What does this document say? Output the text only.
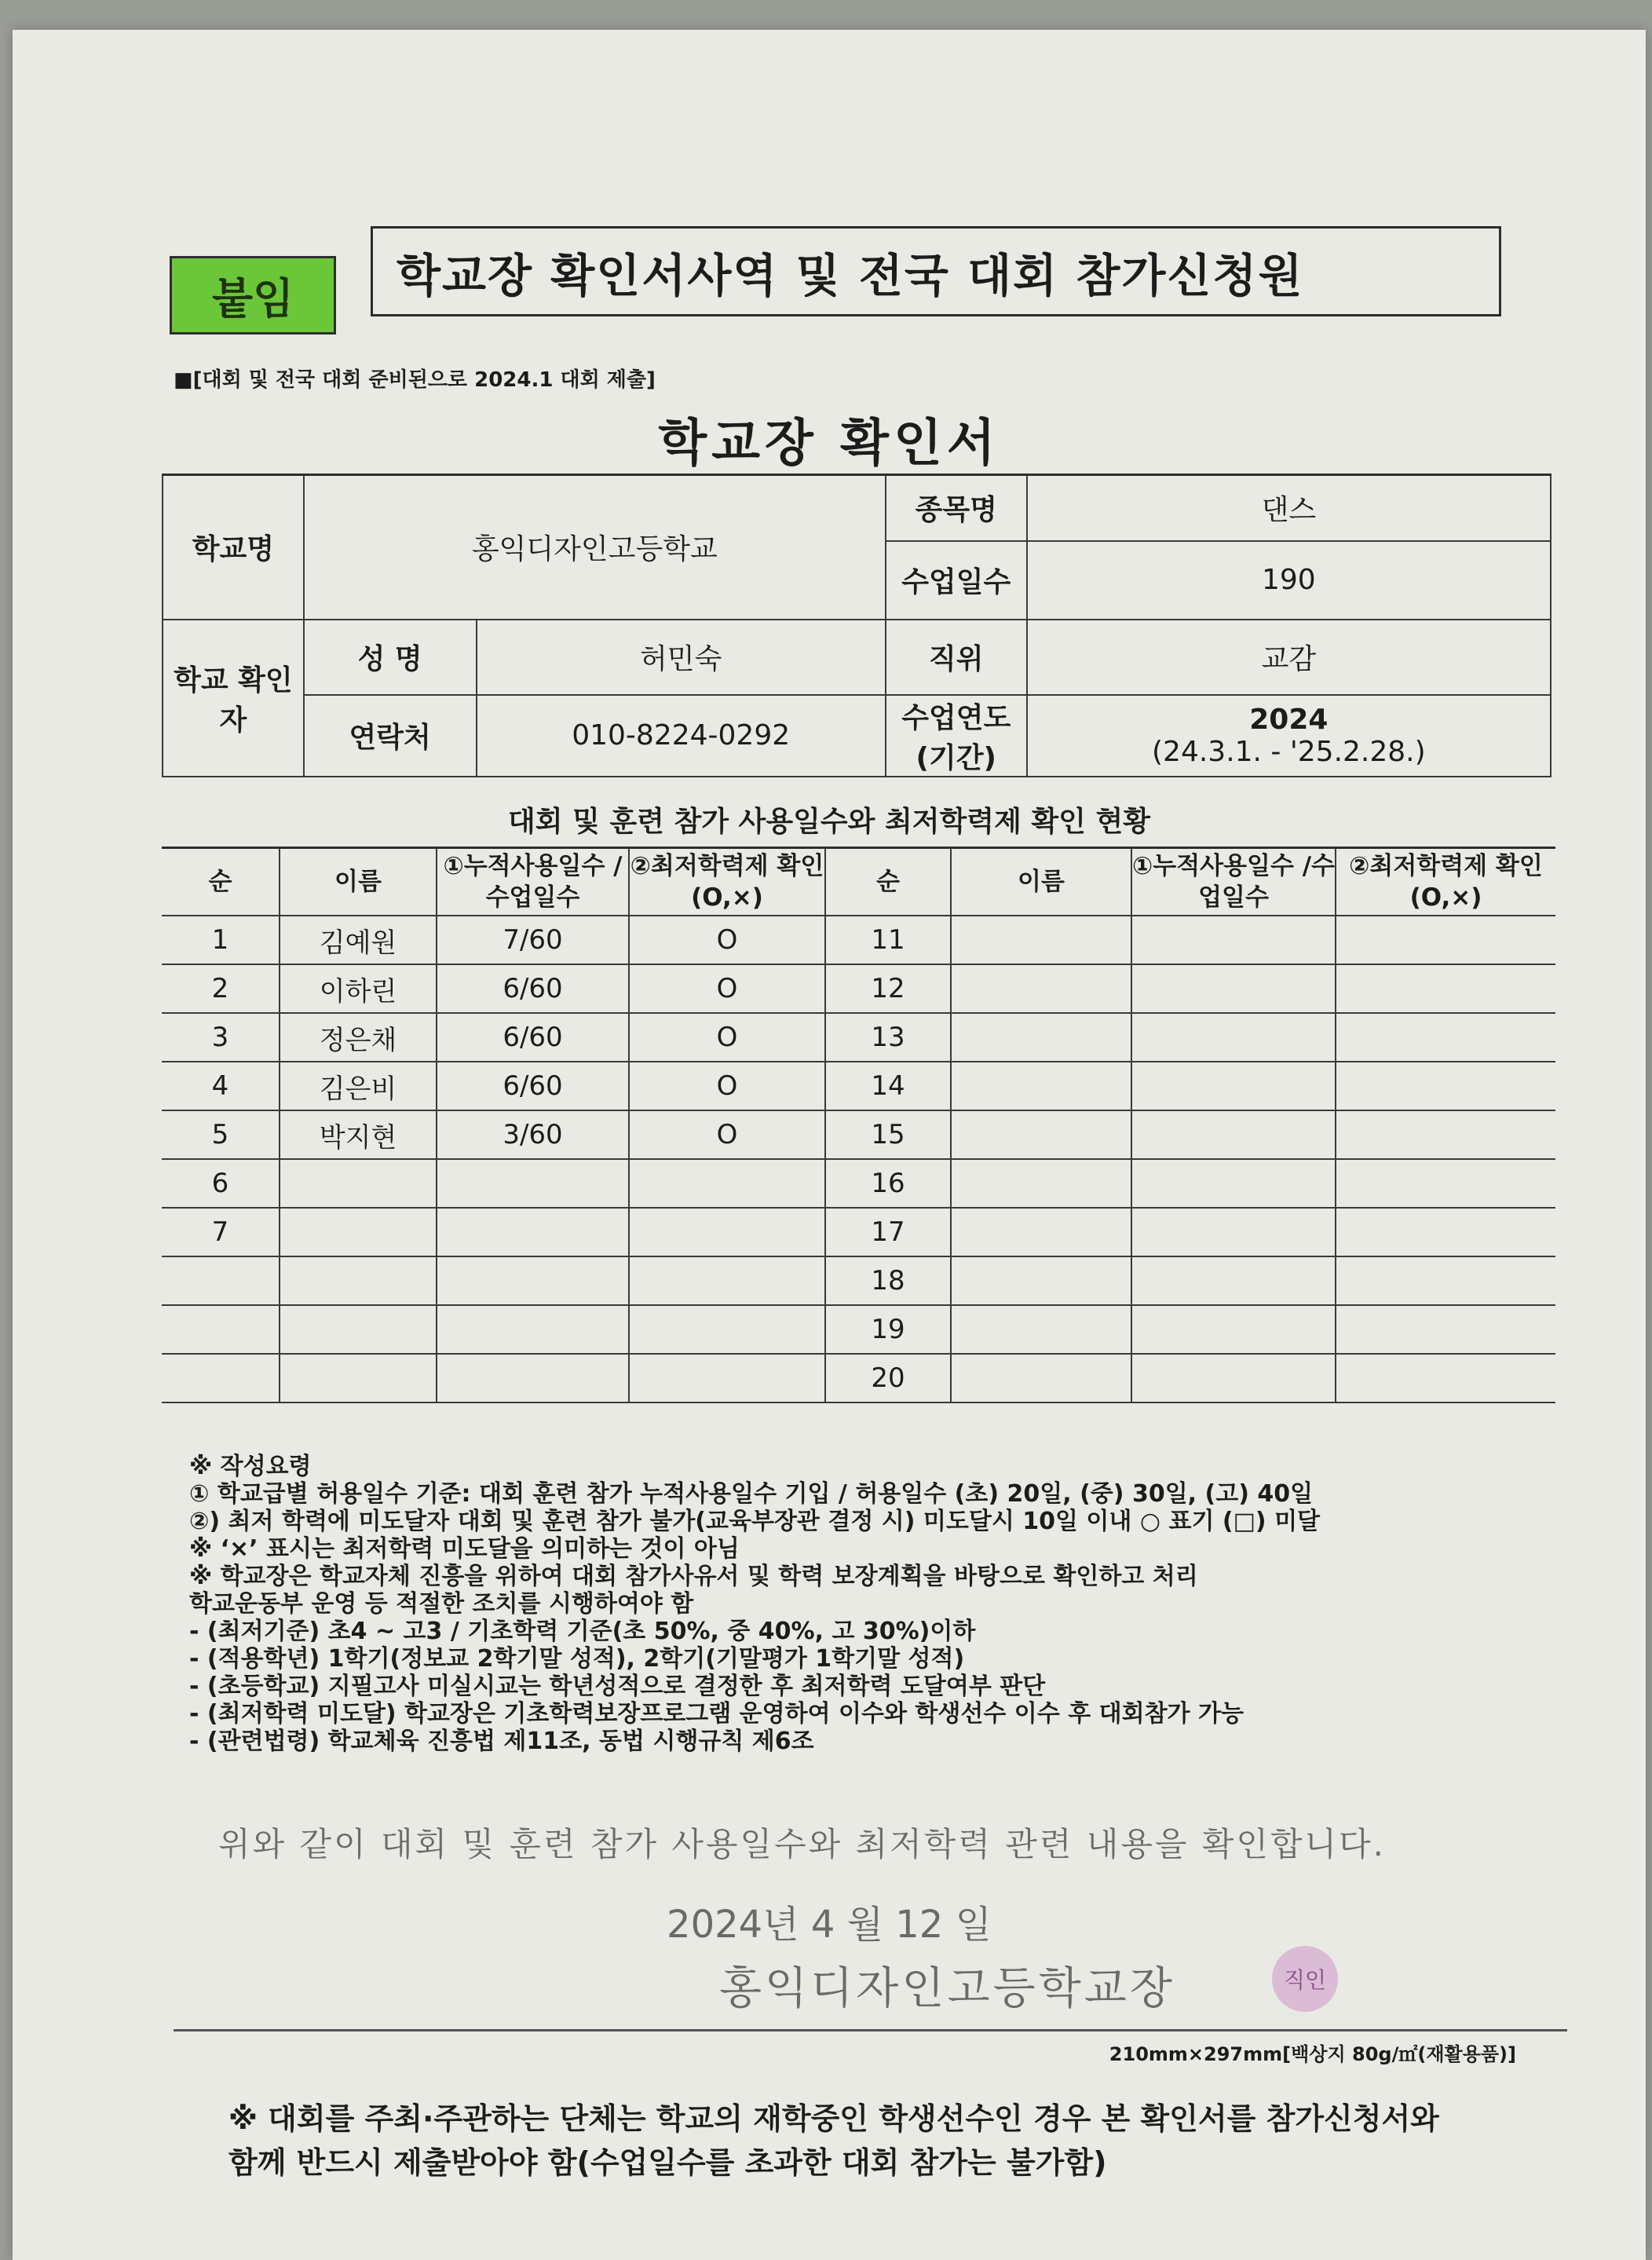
붙임	학교장 확인서사역 및 전국 대회 참가신청원
■[대회 및 전국 대회 준비된으로 2024.1 대회 제출]
학교장 확인서
학교명	홍익디자인고등학교		종목명	댄스
			수업일수	190
학교 확인자	성 명	허민숙	직위	교감
	연락처	010-8224-0292	수업연도 (기간)	2024
(24.3.1. - '25.2.28.)
대회 및 훈련 참가 사용일수와 최저학력제 확인 현황
순	이름	①누적사용일수 /수업일수	②최저학력제 확인(O,×)	순	이름	①누적사용일수 /수업일수	②최저학력제 확인(O,×)
1	김예원	7/60	O	11			
2	이하린	6/60	O	12			
3	정은채	6/60	O	13			
4	김은비	6/60	O	14			
5	박지현	3/60	O	15			
6				16			
7				17			
				18			
				19			
				20			

※ 작성요령

① 학교급별 허용일수 기준: 대회 훈련 참가 누적사용일수 기입 / 허용일수 (초) 20일, (중) 30일, (고) 40일

②) 최저 학력에 미도달자 대회 및 훈련 참가 불가(교육부장관 결정 시) 미도달시 10일 이내 ○ 표기 (□) 미달

※ ‘×’ 표시는 최저학력 미도달을 의미하는 것이 아님

※ 학교장은 학교자체 진흥을 위하여 대회 참가사유서 및 학력 보장계획을 바탕으로 확인하고 처리

학교운동부 운영 등 적절한 조치를 시행하여야 함

- (최저기준) 초4 ~ 고3 / 기초학력 기준(초 50%, 중 40%, 고 30%)이하

- (적용학년) 1학기(정보교 2학기말 성적), 2학기(기말평가 1학기말 성적)

- (초등학교) 지필고사 미실시교는 학년성적으로 결정한 후 최저학력 도달여부 판단

- (최저학력 미도달) 학교장은 기초학력보장프로그램 운영하여 이수와 학생선수 이수 후 대회참가 가능

- (관련법령) 학교체육 진흥법 제11조, 동법 시행규칙 제6조

위와 같이 대회 및 훈련 참가 사용일수와 최저학력 관련 내용을 확인합니다.
2024년 4 월 12 일
홍익디자인고등학교장	직인
210mm×297mm[백상지 80g/㎡(재활용품)]

※ 대회를 주최·주관하는 단체는 학교의 재학중인 학생선수인 경우 본 확인서를 참가신청서와

함께 반드시 제출받아야 함(수업일수를 초과한 대회 참가는 불가함)
